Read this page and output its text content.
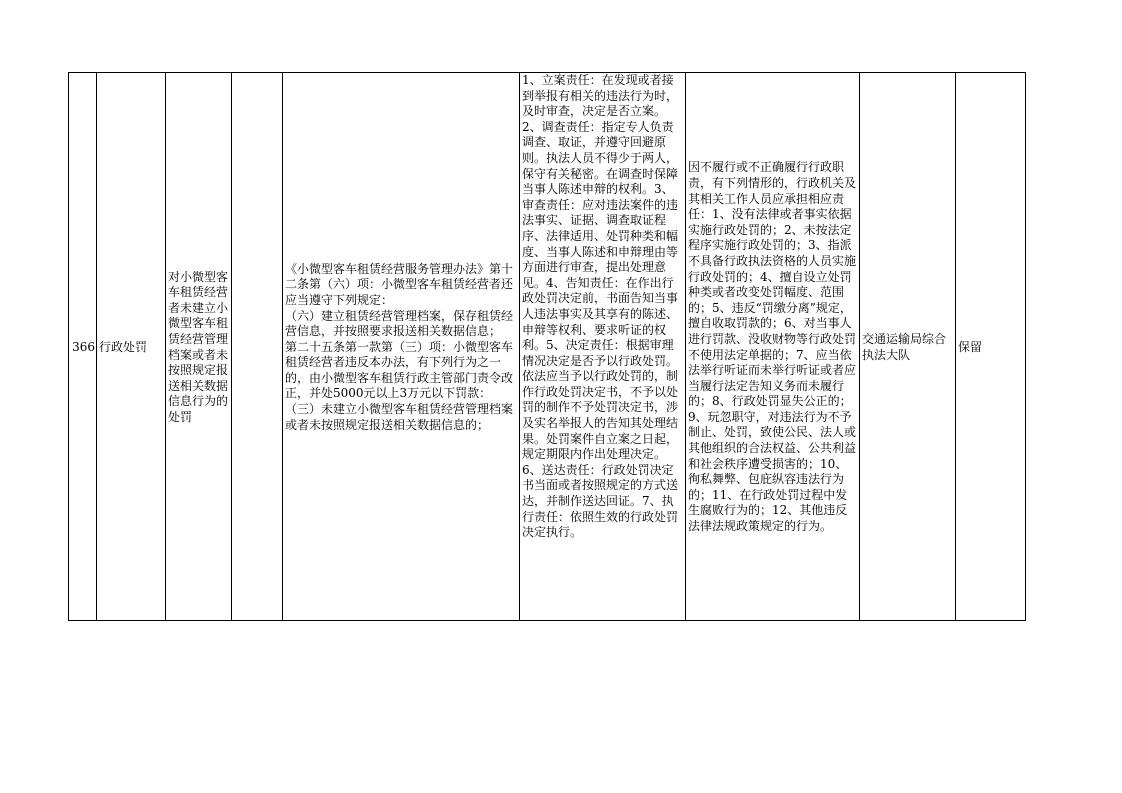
366 行政处罚

对小微型客车租赁经营者未建立小微型客车租赁经营管理档案或者未按照规定报送相关数据信息行为的处罚

《小微型客车租赁经营服务管理办法》第十二条第（六）项：小微型客车租赁经营者还应当遵守下列规定：

（六）建立租赁经营管理档案，保存租赁经营信息，并按照要求报送相关数据信息；

第二十五条第一款第（三）项：小微型客车租赁经营者违反本办法，有下列行为之一的，由小微型客车租赁行政主管部门责令改正，并处5000元以上3万元以下罚款：

（三）未建立小微型客车租赁经营管理档案或者未按照规定报送相关数据信息的；

1、立案责任：在发现或者接到举报有相关的违法行为时，及时审查，决定是否立案。2、调查责任：指定专人负责调查、取证，并遵守回避原则。执法人员不得少于两人，保守有关秘密。在调查时保障当事人陈述申辩的权利。3、审查责任：应对违法案件的违法事实、证据、调查取证程序、法律适用、处罚种类和幅度、当事人陈述和申辩理由等方面进行审查，提出处理意见。4、告知责任：在作出行政处罚决定前，书面告知当事人违法事实及其享有的陈述、申辩等权利、要求听证的权利。5、决定责任：根据审理情况决定是否予以行政处罚。依法应当予以行政处罚的，制作行政处罚决定书，不予以处罚的制作不予处罚决定书，涉及实名举报人的告知其处理结果。处罚案件自立案之日起，规定期限内作出处理决定。

6、送达责任：行政处罚决定书当面或者按照规定的方式送达，并制作送达回证。7、执行责任：依照生效的行政处罚决定执行。

因不履行或不正确履行行政职责，有下列情形的，行政机关及其相关工作人员应承担相应责任：1、没有法律或者事实依据实施行政处罚的；2、未按法定程序实施行政处罚的；3、指派不具备行政执法资格的人员实施行政处罚的；4、擅自设立处罚种类或者改变处罚幅度、范围的；5、违反“罚缴分离”规定，擅自收取罚款的；6、对当事人进行罚款、没收财物等行政处罚不使用法定单据的；7、应当依法举行听证而未举行听证或者应当履行法定告知义务而未履行的；8、行政处罚显失公正的；9、玩忽职守，对违法行为不予制止、处罚，致使公民、法人或其他组织的合法权益、公共利益和社会秩序遭受损害的；10、徇私舞弊、包庇纵容违法行为的；11、在行政处罚过程中发生腐败行为的；12、其他违反法律法规政策规定的行为。

交通运输局综合执法大队

保留
